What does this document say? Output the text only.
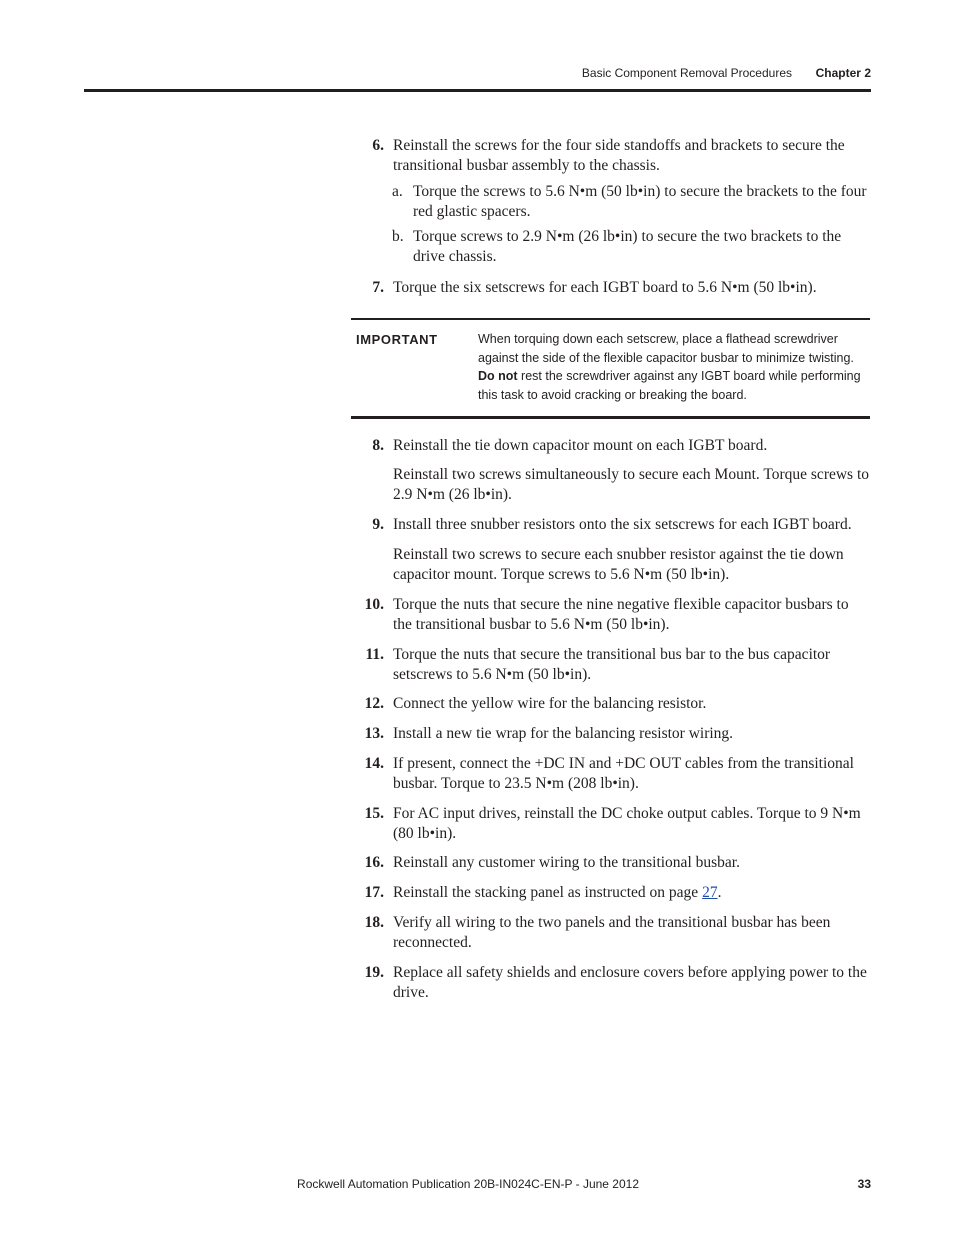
Basic Component Removal Procedures Chapter 2
6. Reinstall the screws for the four side standoffs and brackets to secure the transitional busbar assembly to the chassis.
a. Torque the screws to 5.6 N•m (50 lb•in) to secure the brackets to the four red glastic spacers.
b. Torque screws to 2.9 N•m (26 lb•in) to secure the two brackets to the drive chassis.
7. Torque the six setscrews for each IGBT board to 5.6 N•m (50 lb•in).
IMPORTANT	When torquing down each setscrew, place a flathead screwdriver against the side of the flexible capacitor busbar to minimize twisting. Do not rest the screwdriver against any IGBT board while performing this task to avoid cracking or breaking the board.
8. Reinstall the tie down capacitor mount on each IGBT board.
Reinstall two screws simultaneously to secure each Mount. Torque screws to 2.9 N•m (26 lb•in).
9. Install three snubber resistors onto the six setscrews for each IGBT board.
Reinstall two screws to secure each snubber resistor against the tie down capacitor mount. Torque screws to 5.6 N•m (50 lb•in).
10. Torque the nuts that secure the nine negative flexible capacitor busbars to the transitional busbar to 5.6 N•m (50 lb•in).
11. Torque the nuts that secure the transitional bus bar to the bus capacitor setscrews to 5.6 N•m (50 lb•in).
12. Connect the yellow wire for the balancing resistor.
13. Install a new tie wrap for the balancing resistor wiring.
14. If present, connect the +DC IN and +DC OUT cables from the transitional busbar. Torque to 23.5 N•m (208 lb•in).
15. For AC input drives, reinstall the DC choke output cables. Torque to 9 N•m (80 lb•in).
16. Reinstall any customer wiring to the transitional busbar.
17. Reinstall the stacking panel as instructed on page 27.
18. Verify all wiring to the two panels and the transitional busbar has been reconnected.
19. Replace all safety shields and enclosure covers before applying power to the drive.
Rockwell Automation Publication 20B-IN024C-EN-P - June 2012	33
